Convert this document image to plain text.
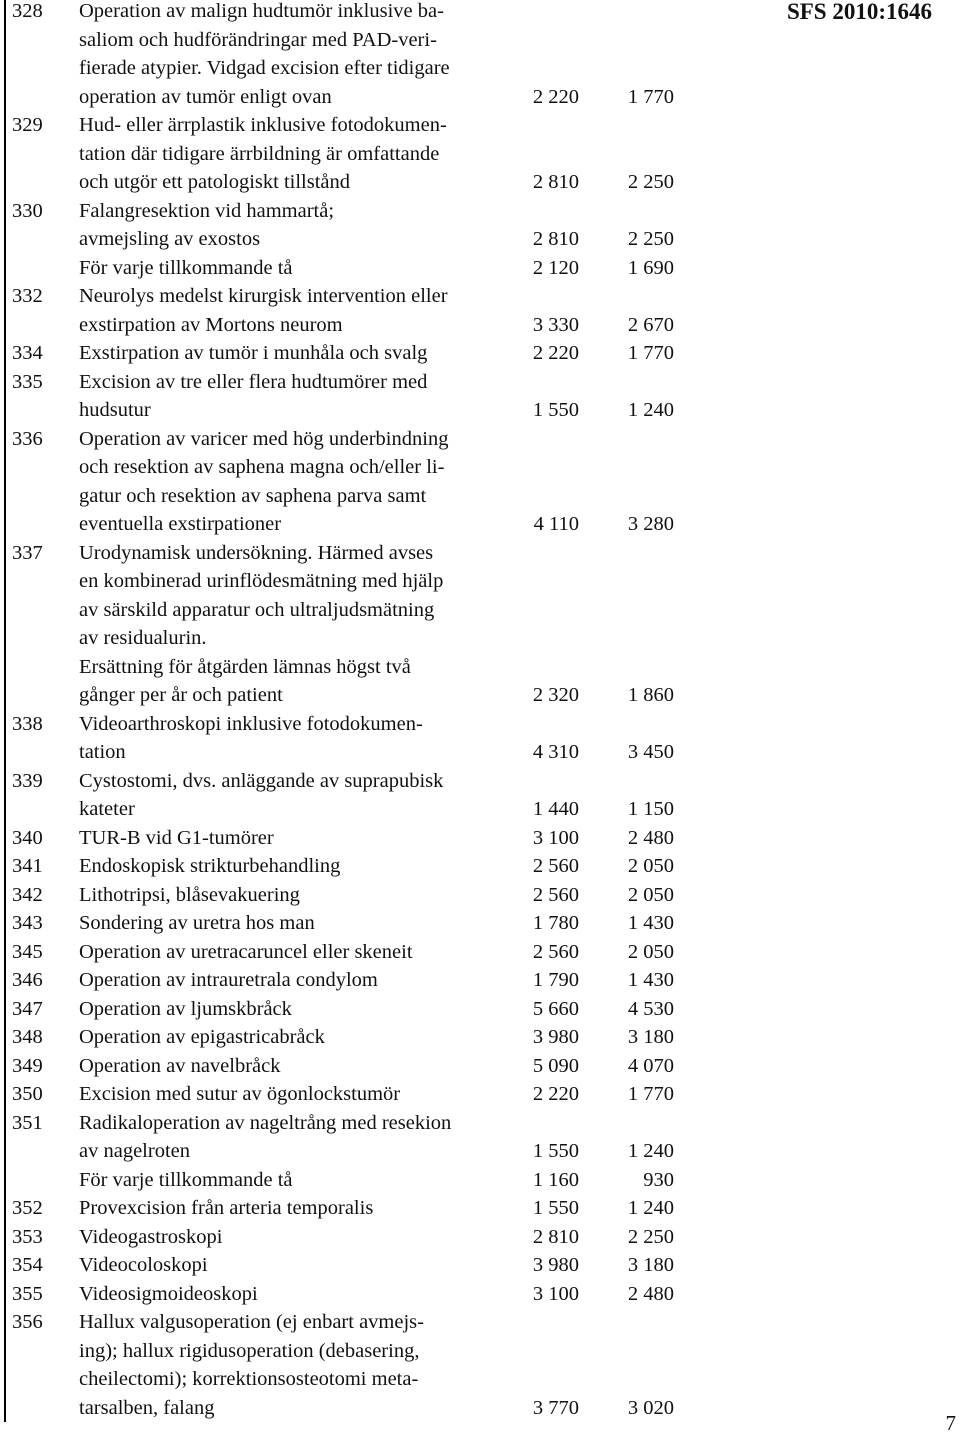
SFS 2010:1646
328	Operation av malign hudtumör inklusive ba-
saliom och hudförändringar med PAD-veri-
fierade atypier. Vidgad excision efter tidigare
operation av tumör enligt ovan	2 220	1 770
329	Hud- eller ärrplastik inklusive fotodokumen-
tation där tidigare ärrbildning är omfattande
och utgör ett patologiskt tillstånd	2 810	2 250
330	Falangresektion vid hammartå;
avmejsling av exostos	2 810	2 250
För varje tillkommande tå	2 120	1 690
332	Neurolys medelst kirurgisk intervention eller
exstirpation av Mortons neurom	3 330	2 670
334	Exstirpation av tumör i munhåla och svalg	2 220	1 770
335	Excision av tre eller flera hudtumörer med
hudsutur	1 550	1 240
336	Operation av varicer med hög underbindning
och resektion av saphena magna och/eller li-
gatur och resektion av saphena parva samt
eventuella exstirpationer	4 110	3 280
337	Urodynamisk undersökning. Härmed avses
en kombinerad urinflödesmätning med hjälp
av särskild apparatur och ultraljudsmätning
av residualurin.
Ersättning för åtgärden lämnas högst två
gånger per år och patient	2 320	1 860
338	Videoarthroskopi inklusive fotodokumen-
tation	4 310	3 450
339	Cystostomi, dvs. anläggande av suprapubisk
kateter	1 440	1 150
340	TUR-B vid G1-tumörer	3 100	2 480
341	Endoskopisk strikturbehandling	2 560	2 050
342	Lithotripsi, blåsevakuering	2 560	2 050
343	Sondering av uretra hos man	1 780	1 430
345	Operation av uretracaruncel eller skeneit	2 560	2 050
346	Operation av intrauretrala condylom	1 790	1 430
347	Operation av ljumskbråck	5 660	4 530
348	Operation av epigastricabråck	3 980	3 180
349	Operation av navelbråck	5 090	4 070
350	Excision med sutur av ögonlockstumör	2 220	1 770
351	Radikaloperation av nageltrång med resekion
av nagelroten	1 550	1 240
För varje tillkommande tå	1 160	930
352	Provexcision från arteria temporalis	1 550	1 240
353	Videogastroskopi	2 810	2 250
354	Videocoloskopi	3 980	3 180
355	Videosigmoideoskopi	3 100	2 480
356	Hallux valgusoperation (ej enbart avmejs-
ing); hallux rigidusoperation (debasering,
cheilectomi); korrektionsosteotomi meta-
tarsalben, falang	3 770	3 020
7
